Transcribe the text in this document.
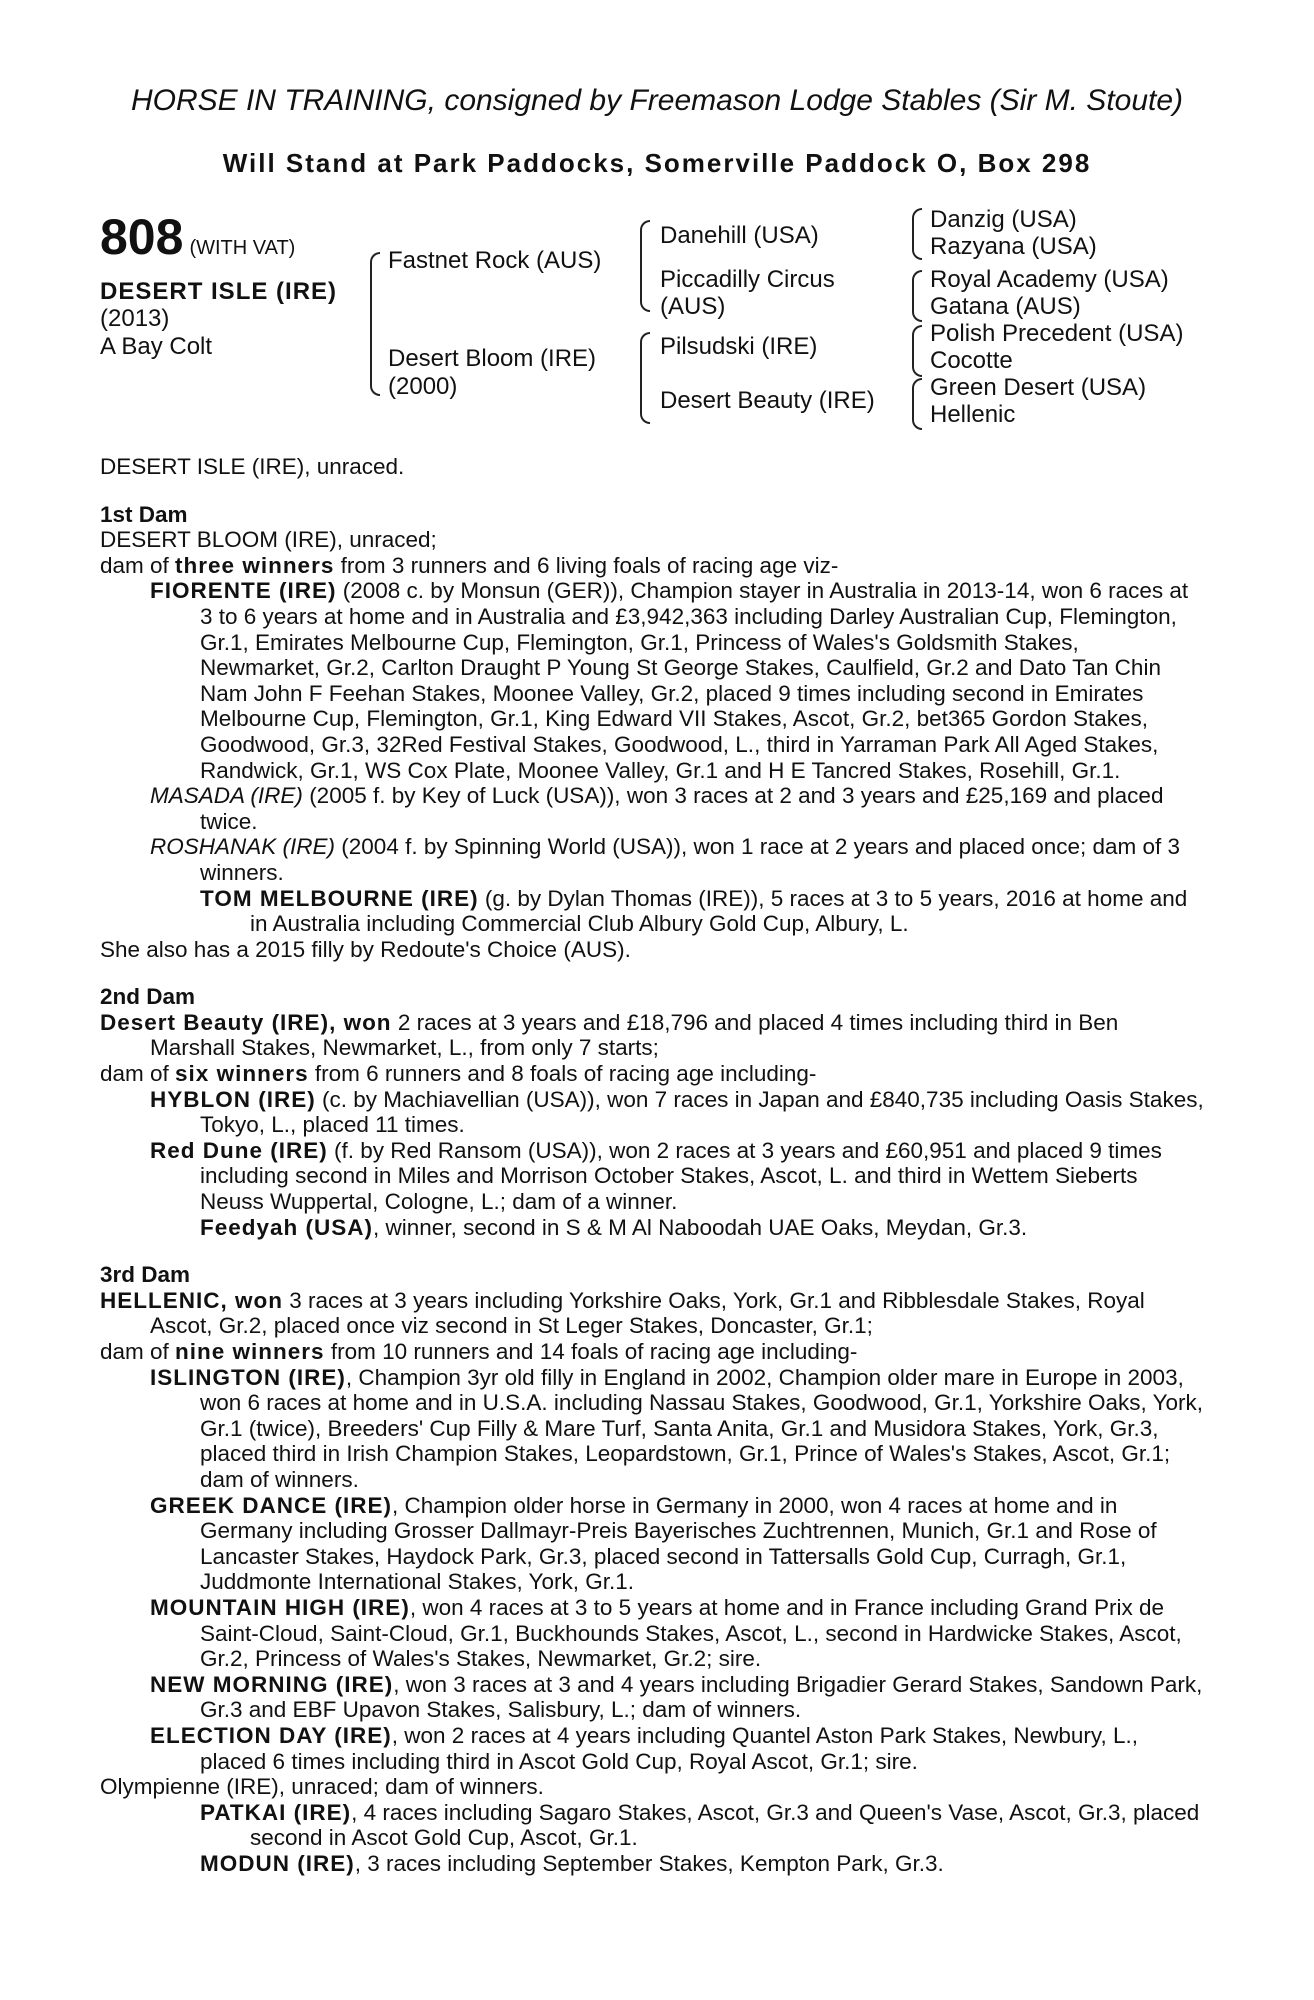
HORSE IN TRAINING, consigned by Freemason Lodge Stables (Sir M. Stoute)
Will Stand at Park Paddocks, Somerville Paddock O, Box 298
808 (WITH VAT)
DESERT ISLE (IRE)
(2013)
A Bay Colt
Fastnet Rock (AUS)
Desert Bloom (IRE)
(2000)
Danehill (USA)
Piccadilly Circus
(AUS)
Pilsudski (IRE)
Desert Beauty (IRE)
Danzig (USA)
Razyana (USA)
Royal Academy (USA)
Gatana (AUS)
Polish Precedent (USA)
Cocotte
Green Desert (USA)
Hellenic

DESERT ISLE (IRE), unraced.

1st Dam

DESERT BLOOM (IRE), unraced;

dam of three winners from 3 runners and 6 living foals of racing age viz-

FIORENTE (IRE) (2008 c. by Monsun (GER)), Champion stayer in Australia in 2013-14, won 6 races at 3 to 6 years at home and in Australia and £3,942,363 including Darley Australian Cup, Flemington, Gr.1, Emirates Melbourne Cup, Flemington, Gr.1, Princess of Wales's Goldsmith Stakes, Newmarket, Gr.2, Carlton Draught P Young St George Stakes, Caulfield, Gr.2 and Dato Tan Chin Nam John F Feehan Stakes, Moonee Valley, Gr.2, placed 9 times including second in Emirates Melbourne Cup, Flemington, Gr.1, King Edward VII Stakes, Ascot, Gr.2, bet365 Gordon Stakes, Goodwood, Gr.3, 32Red Festival Stakes, Goodwood, L., third in Yarraman Park All Aged Stakes, Randwick, Gr.1, WS Cox Plate, Moonee Valley, Gr.1 and H E Tancred Stakes, Rosehill, Gr.1.

MASADA (IRE) (2005 f. by Key of Luck (USA)), won 3 races at 2 and 3 years and £25,169 and placed twice.

ROSHANAK (IRE) (2004 f. by Spinning World (USA)), won 1 race at 2 years and placed once; dam of 3 winners.

TOM MELBOURNE (IRE) (g. by Dylan Thomas (IRE)), 5 races at 3 to 5 years, 2016 at home and in Australia including Commercial Club Albury Gold Cup, Albury, L.

She also has a 2015 filly by Redoute's Choice (AUS).

2nd Dam

Desert Beauty (IRE), won 2 races at 3 years and £18,796 and placed 4 times including third in Ben Marshall Stakes, Newmarket, L., from only 7 starts;

dam of six winners from 6 runners and 8 foals of racing age including-

HYBLON (IRE) (c. by Machiavellian (USA)), won 7 races in Japan and £840,735 including Oasis Stakes, Tokyo, L., placed 11 times.

Red Dune (IRE) (f. by Red Ransom (USA)), won 2 races at 3 years and £60,951 and placed 9 times including second in Miles and Morrison October Stakes, Ascot, L. and third in Wettem Sieberts Neuss Wuppertal, Cologne, L.; dam of a winner.

Feedyah (USA), winner, second in S & M Al Naboodah UAE Oaks, Meydan, Gr.3.

3rd Dam

HELLENIC, won 3 races at 3 years including Yorkshire Oaks, York, Gr.1 and Ribblesdale Stakes, Royal Ascot, Gr.2, placed once viz second in St Leger Stakes, Doncaster, Gr.1;

dam of nine winners from 10 runners and 14 foals of racing age including-

ISLINGTON (IRE), Champion 3yr old filly in England in 2002, Champion older mare in Europe in 2003, won 6 races at home and in U.S.A. including Nassau Stakes, Goodwood, Gr.1, Yorkshire Oaks, York, Gr.1 (twice), Breeders' Cup Filly & Mare Turf, Santa Anita, Gr.1 and Musidora Stakes, York, Gr.3, placed third in Irish Champion Stakes, Leopardstown, Gr.1, Prince of Wales's Stakes, Ascot, Gr.1; dam of winners.

GREEK DANCE (IRE), Champion older horse in Germany in 2000, won 4 races at home and in Germany including Grosser Dallmayr-Preis Bayerisches Zuchtrennen, Munich, Gr.1 and Rose of Lancaster Stakes, Haydock Park, Gr.3, placed second in Tattersalls Gold Cup, Curragh, Gr.1, Juddmonte International Stakes, York, Gr.1.

MOUNTAIN HIGH (IRE), won 4 races at 3 to 5 years at home and in France including Grand Prix de Saint-Cloud, Saint-Cloud, Gr.1, Buckhounds Stakes, Ascot, L., second in Hardwicke Stakes, Ascot, Gr.2, Princess of Wales's Stakes, Newmarket, Gr.2; sire.

NEW MORNING (IRE), won 3 races at 3 and 4 years including Brigadier Gerard Stakes, Sandown Park, Gr.3 and EBF Upavon Stakes, Salisbury, L.; dam of winners.

ELECTION DAY (IRE), won 2 races at 4 years including Quantel Aston Park Stakes, Newbury, L., placed 6 times including third in Ascot Gold Cup, Royal Ascot, Gr.1; sire.

Olympienne (IRE), unraced; dam of winners.

PATKAI (IRE), 4 races including Sagaro Stakes, Ascot, Gr.3 and Queen's Vase, Ascot, Gr.3, placed second in Ascot Gold Cup, Ascot, Gr.1.

MODUN (IRE), 3 races including September Stakes, Kempton Park, Gr.3.
